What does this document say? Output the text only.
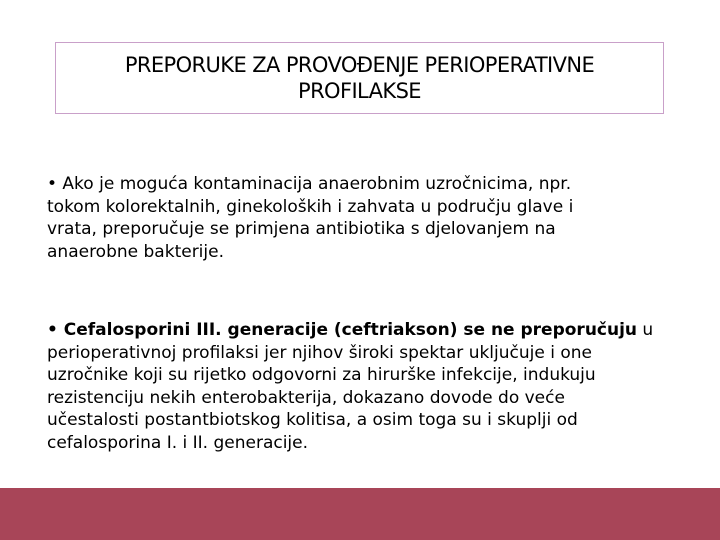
PREPORUKE ZA PROVOĐENJE PERIOPERATIVNE
PROFILAKSE
• Ako je moguća kontaminacija anaerobnim uzročnicima, npr.
tokom kolorektalnih, ginekoloških i zahvata u području glave i
vrata, preporučuje se primjena antibiotika s djelovanjem na
anaerobne bakterije.
• Cefalosporini III. generacije (ceftriakson) se ne preporučuju u
perioperativnoj profilaksi jer njihov široki spektar uključuje i one
uzročnike koji su rijetko odgovorni za hirurške infekcije, indukuju
rezistenciju nekih enterobakterija, dokazano dovode do veće
učestalosti postantbiotskog kolitisa, a osim toga su i skuplji od
cefalosporina I. i II. generacije.
